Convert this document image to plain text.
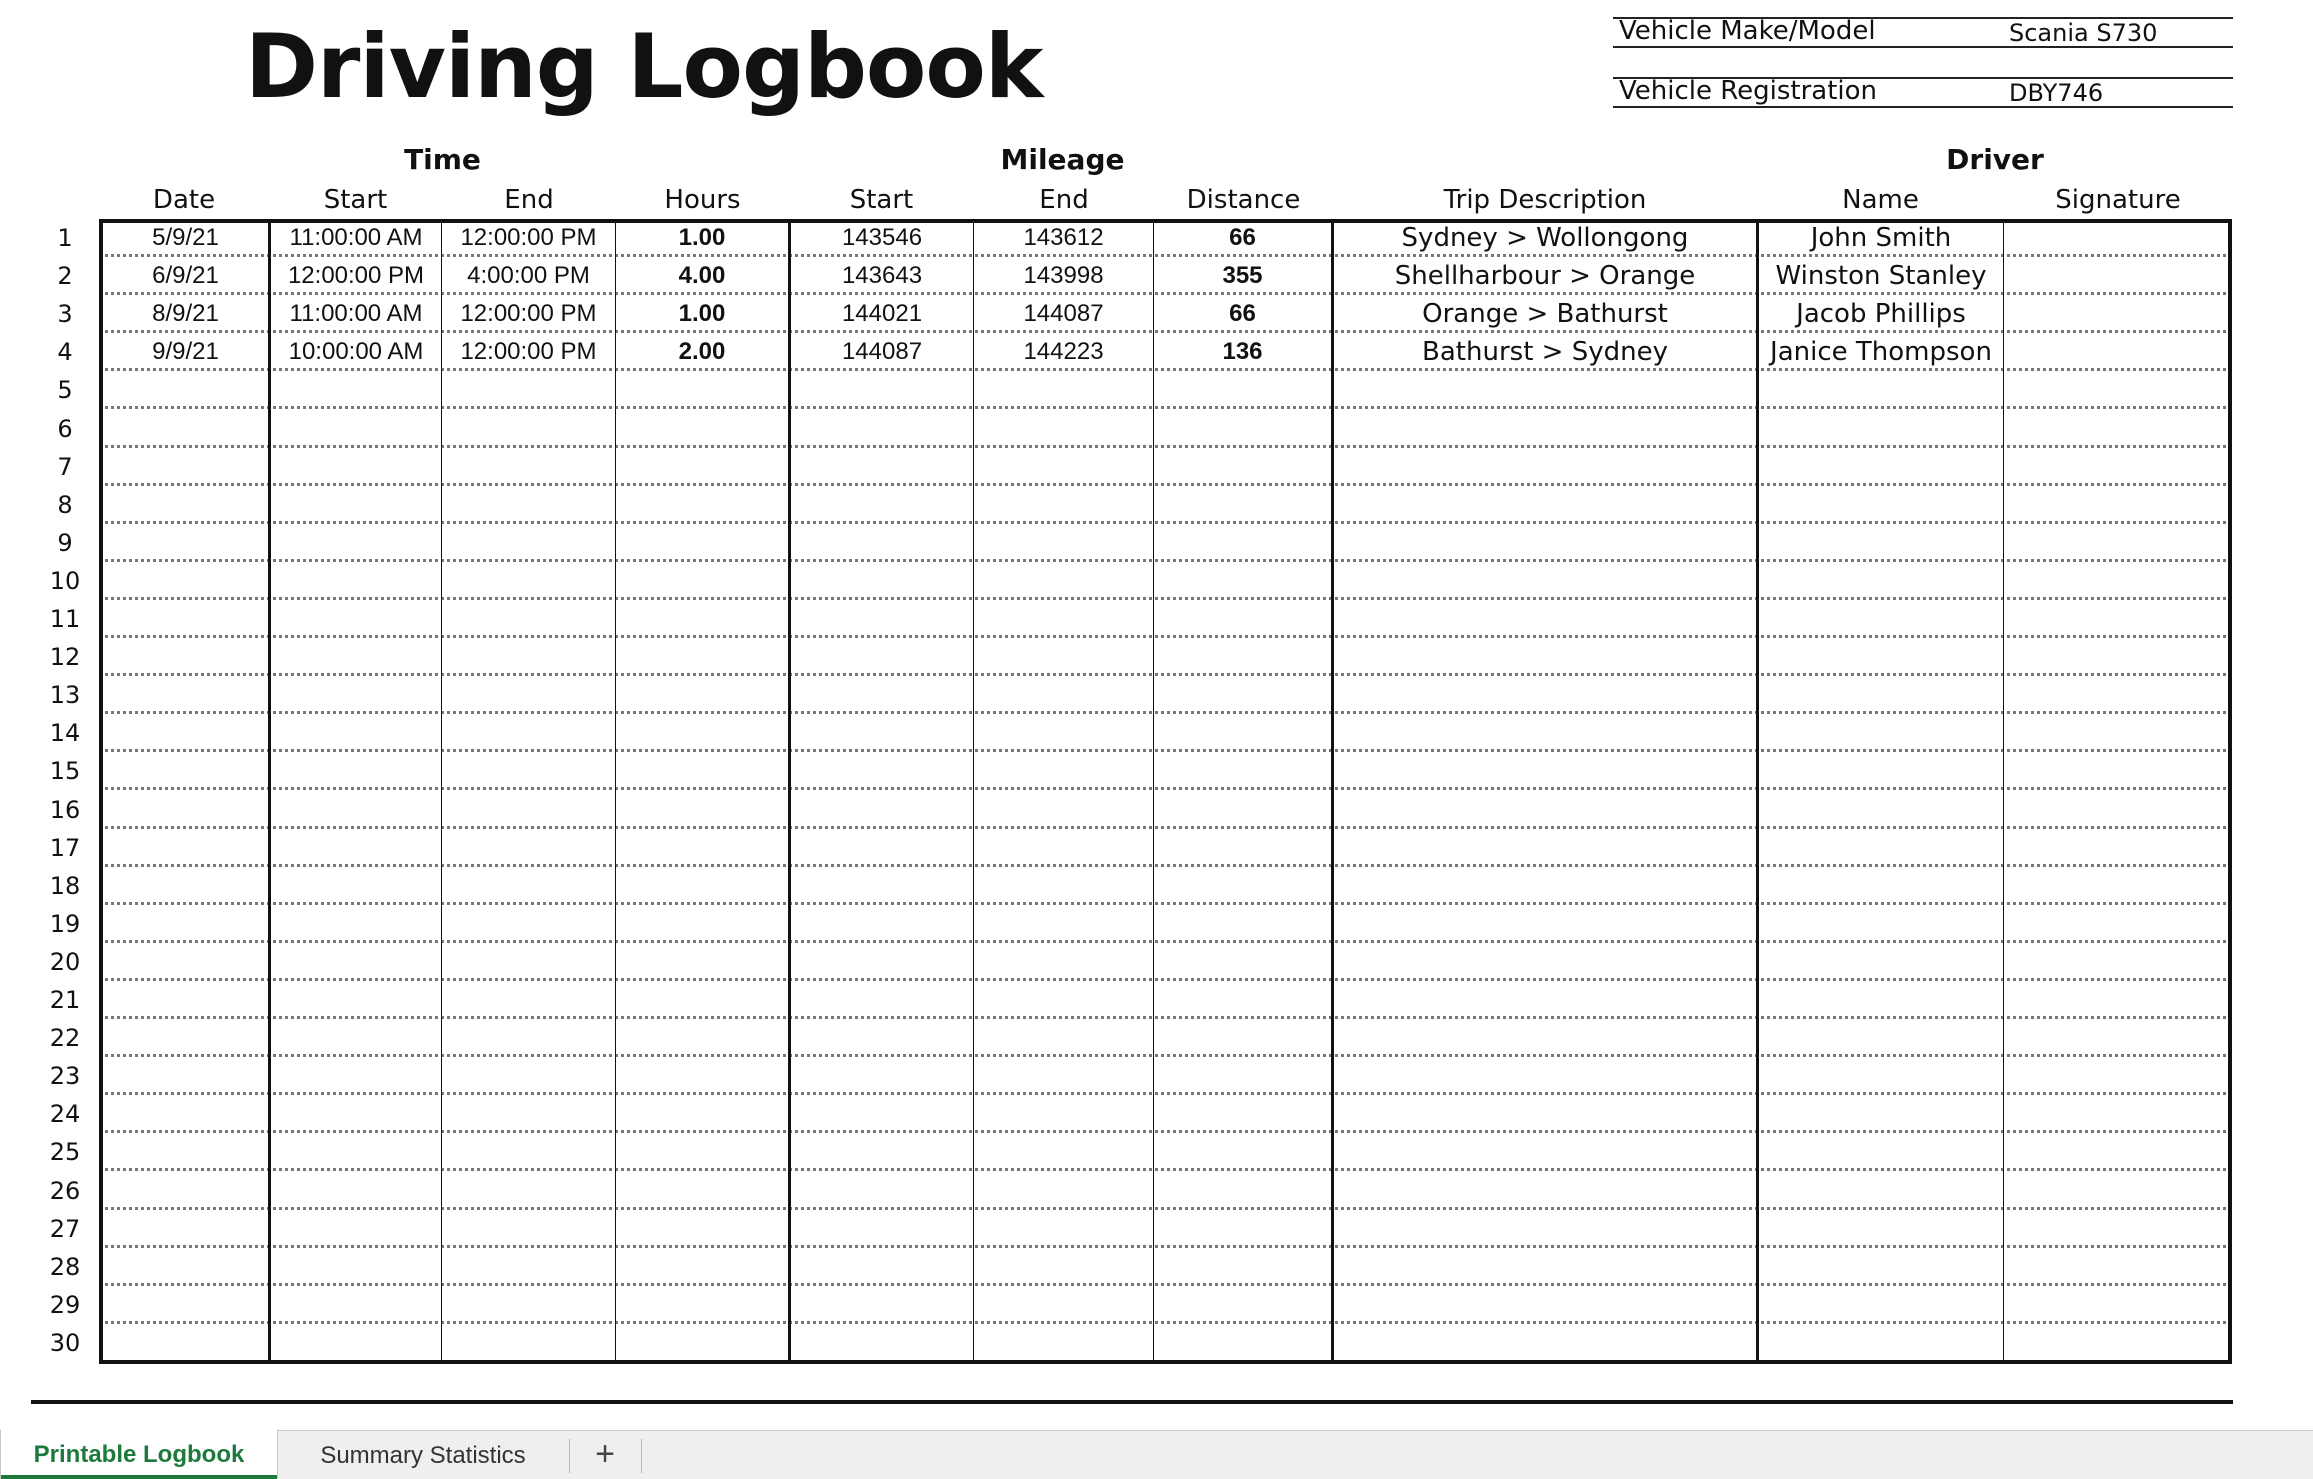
Driving Logbook	Vehicle Make/Model	Scania S730
Vehicle Registration	DBY746
Time	Mileage	Driver
Date	Start	End	Hours	Start	End	Distance	Trip Description	Name	Signature
1	5/9/21	11:00:00 AM	12:00:00 PM	1.00	143546	143612	66	Sydney > Wollongong	John Smith
2	6/9/21	12:00:00 PM	4:00:00 PM	4.00	143643	143998	355	Shellharbour > Orange	Winston Stanley
3	8/9/21	11:00:00 AM	12:00:00 PM	1.00	144021	144087	66	Orange > Bathurst	Jacob Phillips
4	9/9/21	10:00:00 AM	12:00:00 PM	2.00	144087	144223	136	Bathurst > Sydney	Janice Thompson
5
6
7
8
9
10
11
12
13
14
15
16
17
18
19
20
21
22
23
24
25
26
27
28
29
30
Printable Logbook	Summary Statistics	+
